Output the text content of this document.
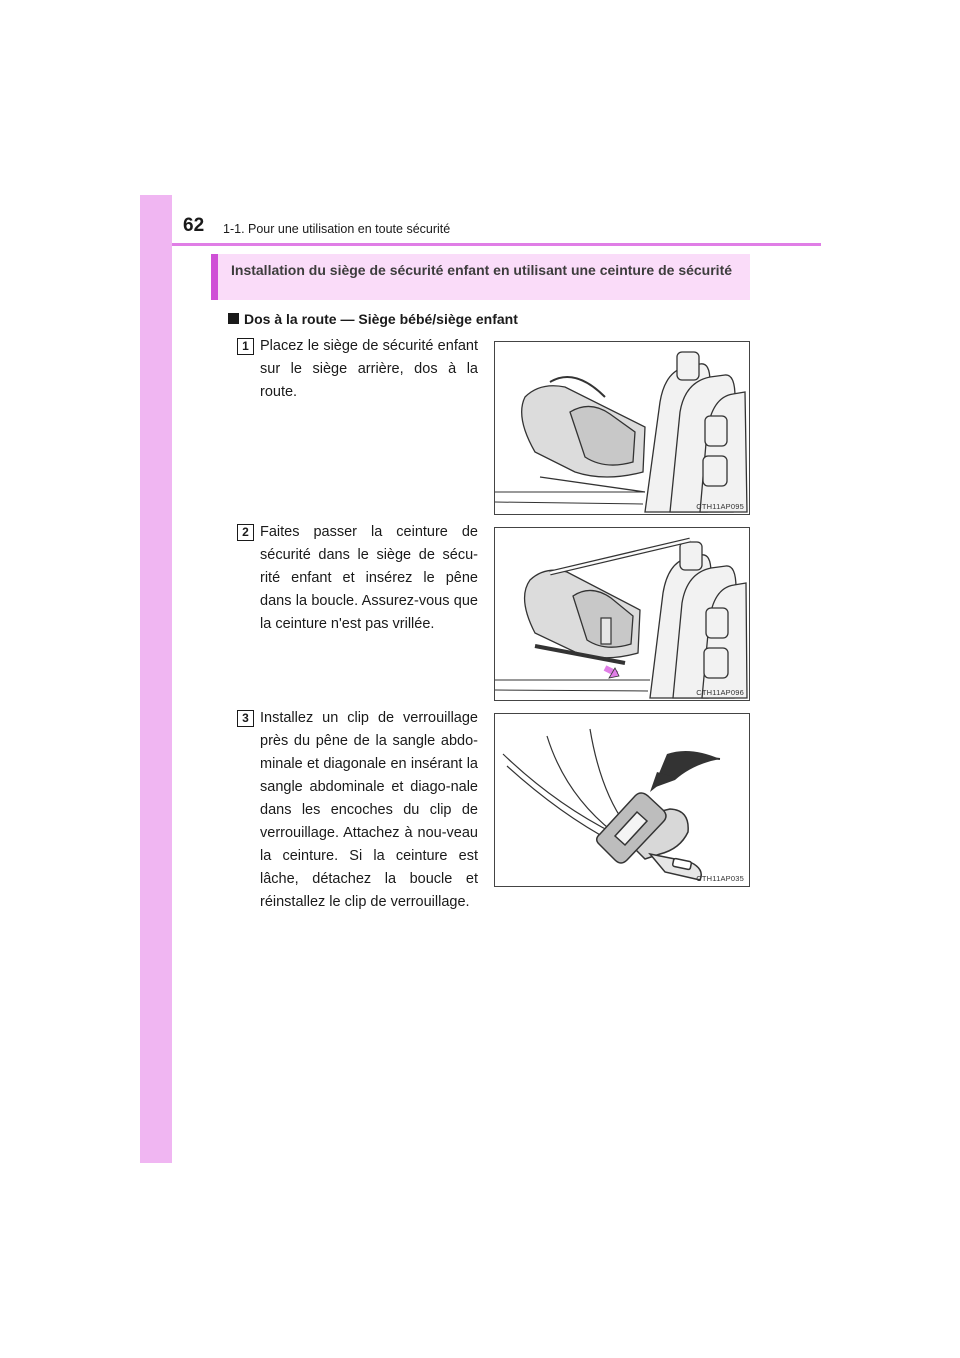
62 1-1. Pour une utilisation en toute sécurité
Installation du siège de sécurité enfant en utilisant une ceinture de sécurité
Dos à la route — Siège bébé/siège enfant
1 Placez le siège de sécurité enfant sur le siège arrière, dos à la route.
CTH11AP095
2 Faites passer la ceinture de sécurité dans le siège de sécu-rité enfant et insérez le pêne dans la boucle. Assurez-vous que la ceinture n'est pas vrillée.
CTH11AP096
3 Installez un clip de verrouillage près du pêne de la sangle abdo-minale et diagonale en insérant la sangle abdominale et diago-nale dans les encoches du clip de verrouillage. Attachez à nou-veau la ceinture. Si la ceinture est lâche, détachez la boucle et réinstallez le clip de verrouillage.
CTH11AP035
